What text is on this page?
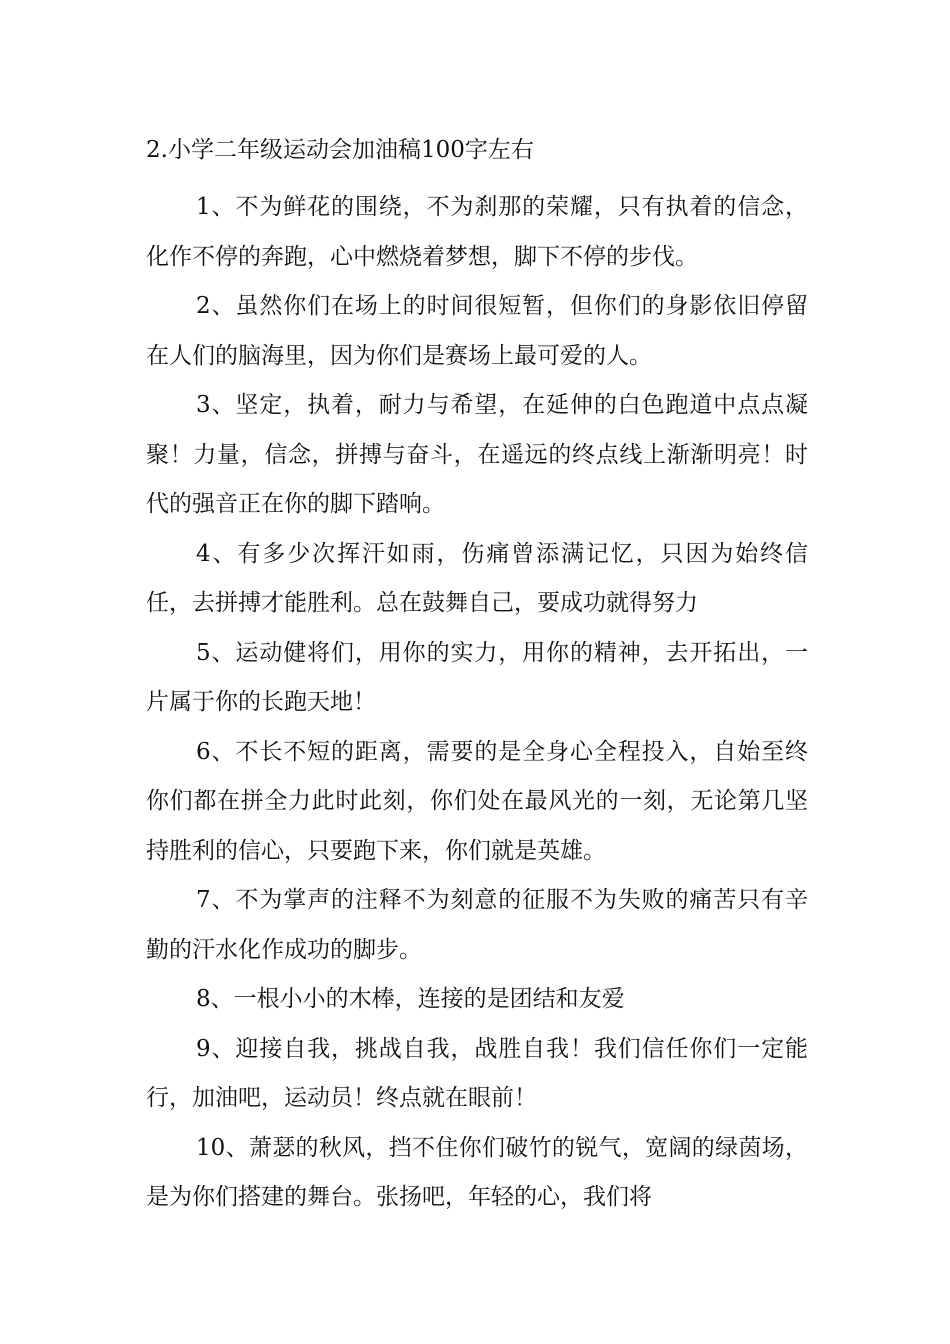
2.小学二年级运动会加油稿100字左右

1、不为鲜花的围绕，不为刹那的荣耀，只有执着的信念，化作不停的奔跑，心中燃烧着梦想，脚下不停的步伐。

2、虽然你们在场上的时间很短暂，但你们的身影依旧停留在人们的脑海里，因为你们是赛场上最可爱的人。

3、坚定，执着，耐力与希望，在延伸的白色跑道中点点凝聚！力量，信念，拼搏与奋斗，在遥远的终点线上渐渐明亮！时代的强音正在你的脚下踏响。

4、有多少次挥汗如雨，伤痛曾添满记忆，只因为始终信任，去拼搏才能胜利。总在鼓舞自己，要成功就得努力

5、运动健将们，用你的实力，用你的精神，去开拓出，一片属于你的长跑天地！

6、不长不短的距离，需要的是全身心全程投入，自始至终你们都在拼全力此时此刻，你们处在最风光的一刻，无论第几坚持胜利的信心，只要跑下来，你们就是英雄。

7、不为掌声的注释不为刻意的征服不为失败的痛苦只有辛勤的汗水化作成功的脚步。

8、一根小小的木棒，连接的是团结和友爱

9、迎接自我，挑战自我，战胜自我！我们信任你们一定能行，加油吧，运动员！终点就在眼前！

10、萧瑟的秋风，挡不住你们破竹的锐气，宽阔的绿茵场，是为你们搭建的舞台。张扬吧，年轻的心，我们将
